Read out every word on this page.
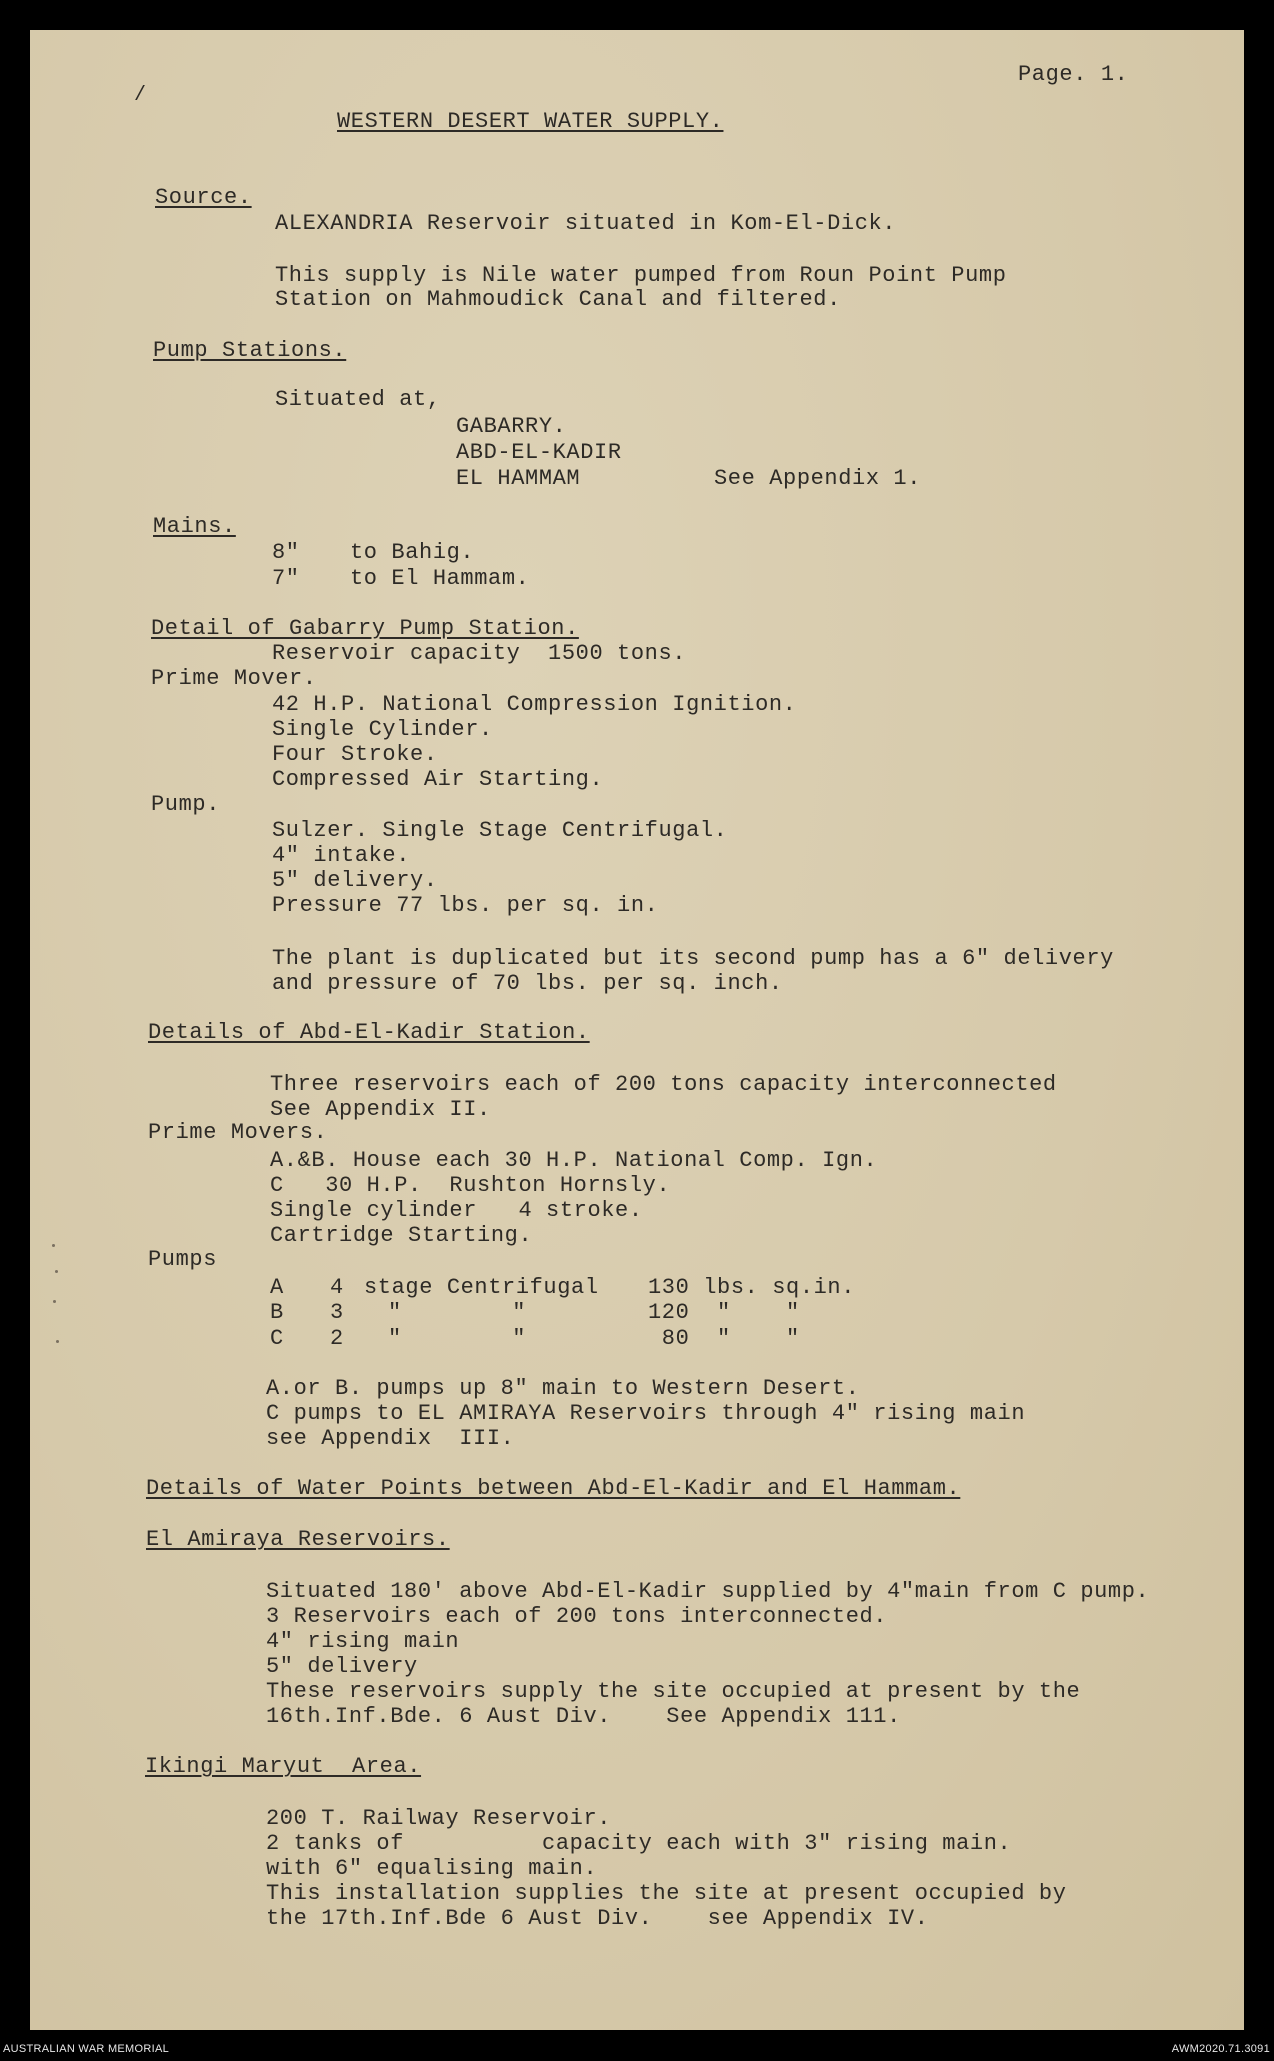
/
Page. 1.
WESTERN DESERT WATER SUPPLY.
Source.
ALEXANDRIA Reservoir situated in Kom-El-Dick.
This supply is Nile water pumped from Roun Point Pump
Station on Mahmoudick Canal and filtered.
Pump Stations.
Situated at,
GABARRY.
ABD-EL-KADIR
EL HAMMAM	See Appendix 1.
Mains.
8" to Bahig.
7" to El Hammam.
Detail of Gabarry Pump Station.
Reservoir capacity  1500 tons.
Prime Mover.
42 H.P. National Compression Ignition.
Single Cylinder.
Four Stroke.
Compressed Air Starting.
Pump.
Sulzer. Single Stage Centrifugal.
4" intake.
5" delivery.
Pressure 77 lbs. per sq. in.
The plant is duplicated but its second pump has a 6" delivery
and pressure of 70 lbs. per sq. inch.
Details of Abd-El-Kadir Station.
Three reservoirs each of 200 tons capacity interconnected
See Appendix II.
Prime Movers.
A.&B. House each 30 H.P. National Comp. Ign.
C   30 H.P.  Rushton Hornsly.
Single cylinder   4 stroke.
Cartridge Starting.
Pumps
A 4 stage Centrifugal 130 lbs. sq.in.
B 3 "        "	120  "    "
C 2 "        "	80  "    "
A.or B. pumps up 8" main to Western Desert.
C pumps to EL AMIRAYA Reservoirs through 4" rising main
see Appendix  III.
Details of Water Points between Abd-El-Kadir and El Hammam.
El Amiraya Reservoirs.
Situated 180' above Abd-El-Kadir supplied by 4"main from C pump.
3 Reservoirs each of 200 tons interconnected.
4" rising main
5" delivery
These reservoirs supply the site occupied at present by the
16th.Inf.Bde. 6 Aust Div.    See Appendix 111.
Ikingi Maryut  Area.
200 T. Railway Reservoir.
2 tanks of          capacity each with 3" rising main.
with 6" equalising main.
This installation supplies the site at present occupied by
the 17th.Inf.Bde 6 Aust Div.    see Appendix IV.
AUSTRALIAN WAR MEMORIAL	AWM2020.71.3091
